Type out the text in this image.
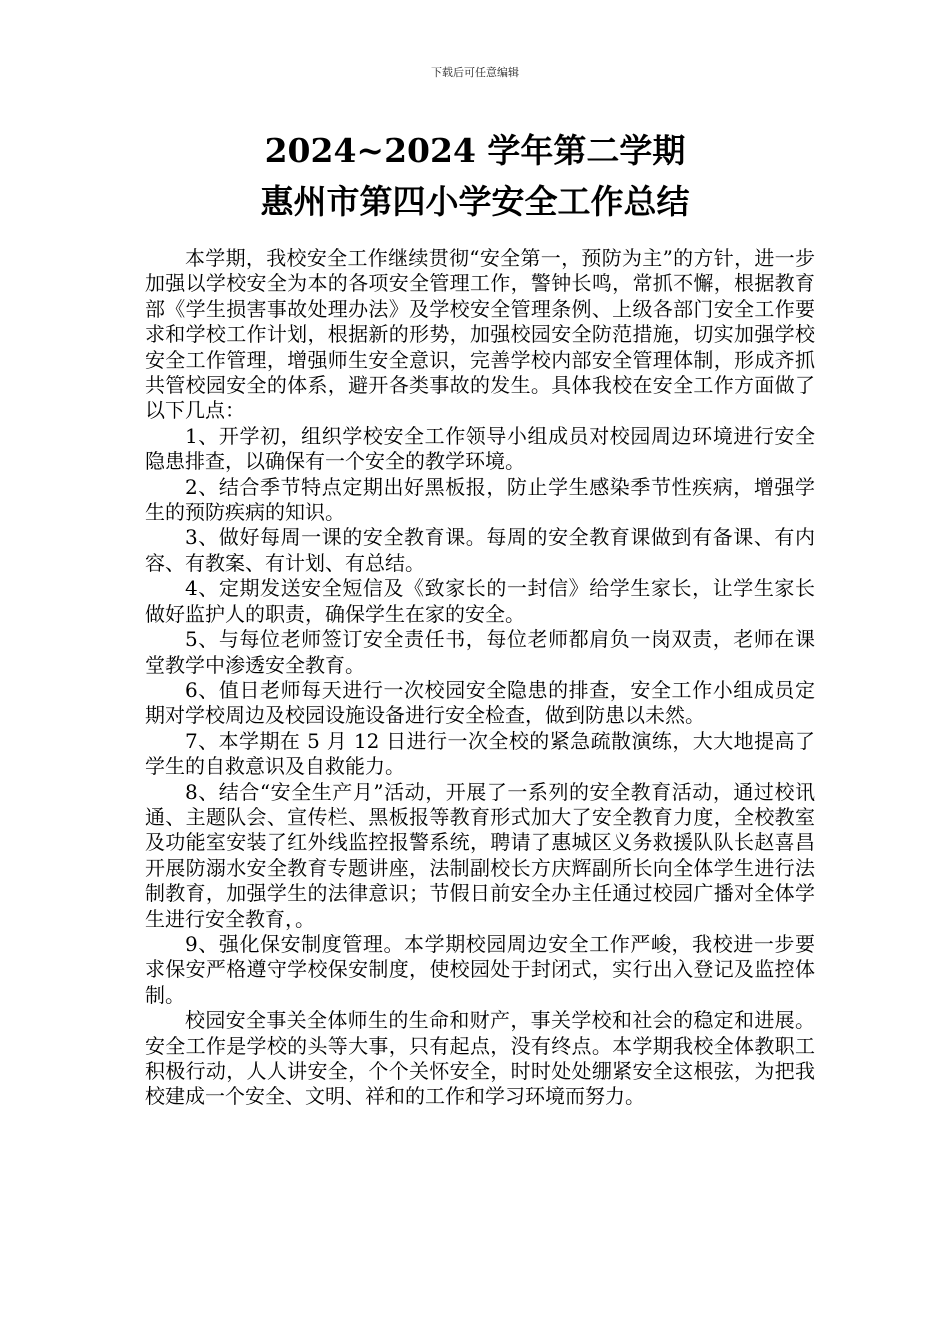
下载后可任意编辑
2024~2024 学年第二学期
惠州市第四小学安全工作总结

本学期，我校安全工作继续贯彻“安全第一，预防为主”的方针，进一步加强以学校安全为本的各项安全管理工作，警钟长鸣，常抓不懈，根据教育部《学生损害事故处理办法》及学校安全管理条例、上级各部门安全工作要求和学校工作计划，根据新的形势，加强校园安全防范措施，切实加强学校安全工作管理，增强师生安全意识，完善学校内部安全管理体制，形成齐抓共管校园安全的体系，避开各类事故的发生。具体我校在安全工作方面做了以下几点：

1、开学初，组织学校安全工作领导小组成员对校园周边环境进行安全隐患排查，以确保有一个安全的教学环境。

2、结合季节特点定期出好黑板报，防止学生感染季节性疾病，增强学生的预防疾病的知识。

3、做好每周一课的安全教育课。每周的安全教育课做到有备课、有内容、有教案、有计划、有总结。

4、定期发送安全短信及《致家长的一封信》给学生家长，让学生家长做好监护人的职责，确保学生在家的安全。

5、与每位老师签订安全责任书，每位老师都肩负一岗双责，老师在课堂教学中渗透安全教育。

6、值日老师每天进行一次校园安全隐患的排查，安全工作小组成员定期对学校周边及校园设施设备进行安全检查，做到防患以未然。

7、本学期在 5 月 12 日进行一次全校的紧急疏散演练，大大地提高了学生的自救意识及自救能力。

8、结合“安全生产月”活动，开展了一系列的安全教育活动，通过校讯通、主题队会、宣传栏、黑板报等教育形式加大了安全教育力度，全校教室及功能室安装了红外线监控报警系统，聘请了惠城区义务救援队队长赵喜昌开展防溺水安全教育专题讲座，法制副校长方庆辉副所长向全体学生进行法制教育，加强学生的法律意识；节假日前安全办主任通过校园广播对全体学生进行安全教育，。

9、强化保安制度管理。本学期校园周边安全工作严峻，我校进一步要求保安严格遵守学校保安制度，使校园处于封闭式，实行出入登记及监控体制。

校园安全事关全体师生的生命和财产，事关学校和社会的稳定和进展。安全工作是学校的头等大事，只有起点，没有终点。本学期我校全体教职工积极行动，人人讲安全，个个关怀安全，时时处处绷紧安全这根弦，为把我校建成一个安全、文明、祥和的工作和学习环境而努力。
